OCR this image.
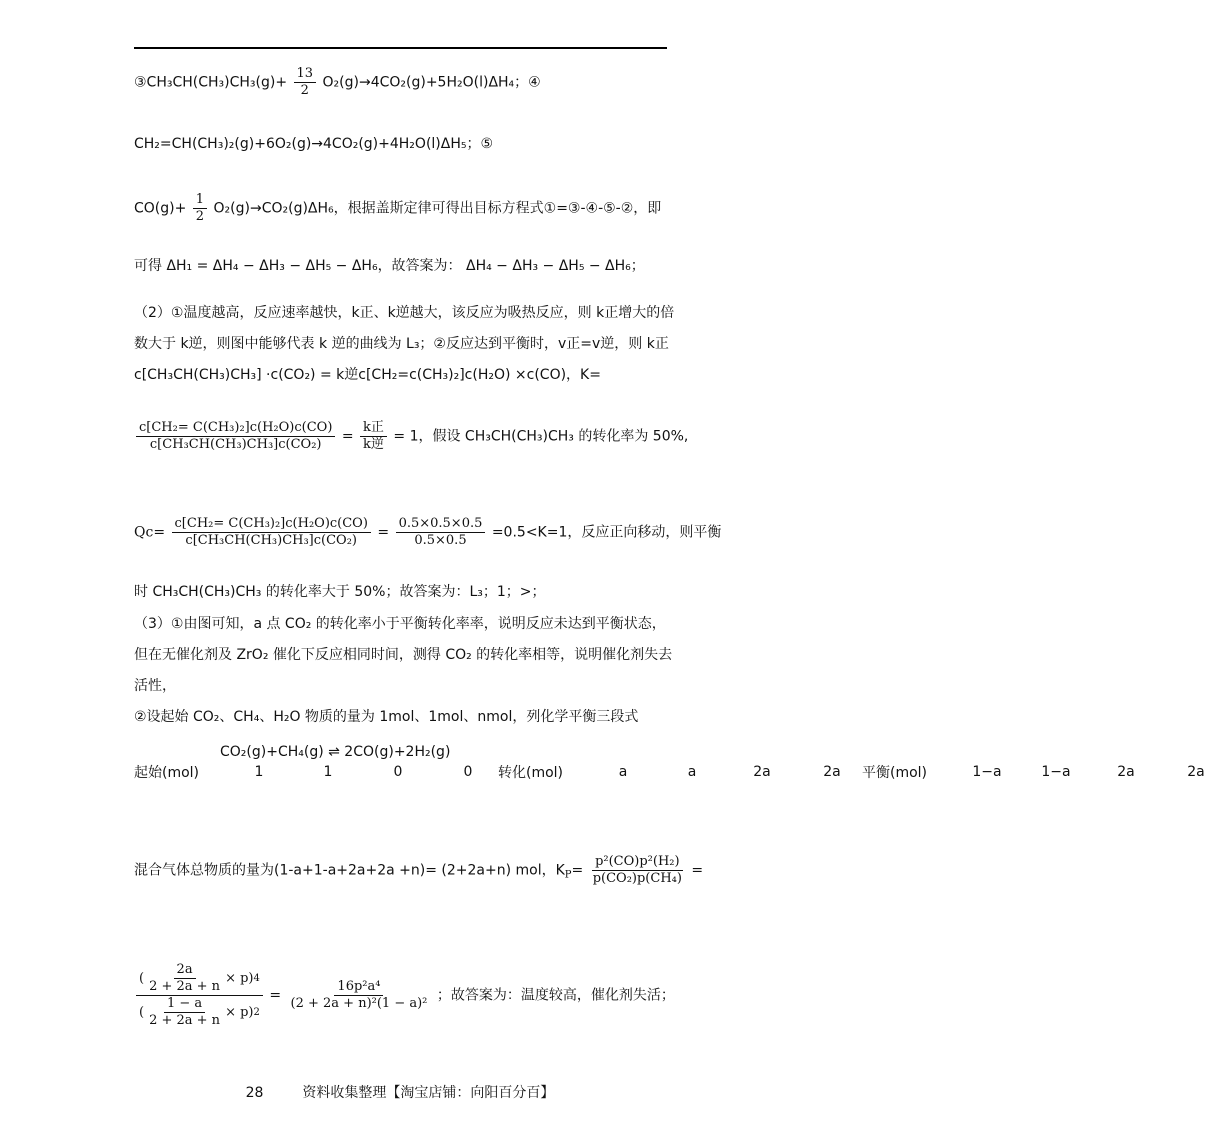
③CH₃CH(CH₃)CH₃(g)+ $\frac{13}{2} O_2(g)\to 4CO_2(g)+5H_2O(l)\Delta H_4$；④
CH₂=CH(CH₃)₂(g)+6O₂(g)→4CO₂(g)+4H₂O(l)ΔH₅；⑤
$CO(g)+ \frac{1}{2} O_2(g)\to CO_2(g)\Delta H_6$，根据盖斯定律可得出目标方程式①=③-④-⑤-②，即
可得 ΔH₁ = ΔH₄ − ΔH₃ − ΔH₅ − ΔH₆，故答案为： ΔH₄ − ΔH₃ − ΔH₅ − ΔH₆；
（2）①温度越高，反应速率越快，k正、k逆越大，该反应为吸热反应，则 k正增大的倍
数大于 k逆，则图中能够代表 k 逆的曲线为 L₃；②反应达到平衡时，v正=v逆，则 k正
c[CH₃CH(CH₃)CH₃] ·c(CO₂) = k逆c[CH₂=c(CH₃)₂]c(H₂O) ×c(CO)，K=
$\frac{\text{c[CH₂= C(CH₃)₂]c(H₂O)c(CO)}}{\text{c[CH₃CH(CH₃)CH₃]c(CO₂)}} = \frac{\text{k正}}{\text{k逆}} = 1$，假设 CH₃CH(CH₃)CH₃ 的转化率为 50%,
$Qc= \frac{\text{c[CH₂= C(CH₃)₂]c(H₂O)c(CO)}}{\text{c[CH₃CH(CH₃)CH₃]c(CO₂)}} = \frac{0.5\times 0.5\times 0.5}{0.5\times 0.5} =0.5<K=1$，反应正向移动，则平衡
时 CH₃CH(CH₃)CH₃ 的转化率大于 50%；故答案为：L₃；1；>；
（3）①由图可知，a 点 CO₂ 的转化率小于平衡转化率率，说明反应未达到平衡状态，
但在无催化剂及 ZrO₂ 催化下反应相同时间，测得 CO₂ 的转化率相等，说明催化剂失去
活性，
②设起始 CO₂、CH₄、H₂O 物质的量为 1mol、1mol、nmol，列化学平衡三段式
CO₂(g)+CH₄(g) ⇌ 2CO(g)+2H₂(g)
起始(mol)	1	1	0	0	转化(mol)	a	a	2a	2a	平衡(mol)	1−a	1−a	2a	2a
混合气体总物质的量为(1-a+1-a+2a+2a +n)= (2+2a+n) mol，$K_P= \frac{\text{p²(CO)p²(H₂)}}{\text{p(CO₂)p(CH₄)}}$ =
$\frac{( \frac{2a}{2 + 2a + n} \times p ) 4}{( \frac{1 - a}{2 + 2a + n} \times p ) 2} = \frac{\text{16p²a⁴}}{\text{(2 + 2a + n)²(1 − a)²}}$ ；故答案为：温度较高，催化剂失活；
28	资料收集整理【淘宝店铺：向阳百分百】
